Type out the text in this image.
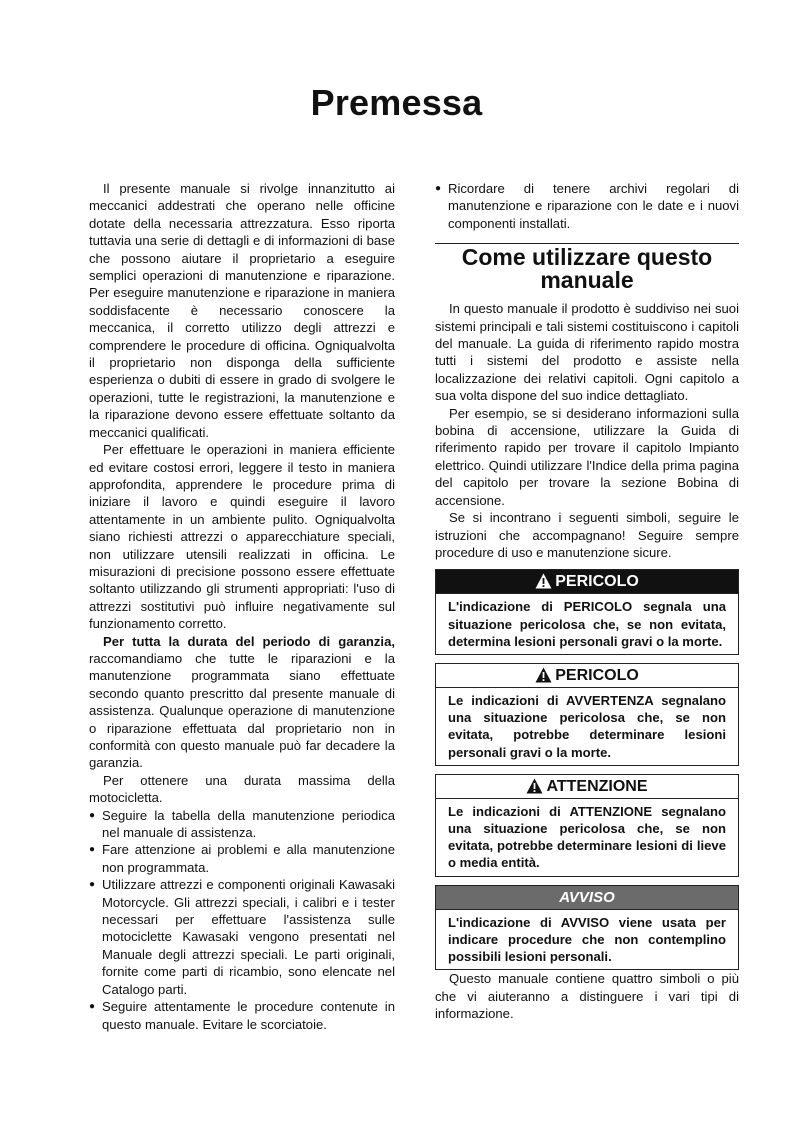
Premessa

Il presente manuale si rivolge innanzitutto ai meccanici addestrati che operano nelle officine dotate della necessaria attrezzatura. Esso riporta tuttavia una serie di dettagli e di informazioni di base che possono aiutare il proprietario a eseguire semplici operazioni di manutenzione e riparazione. Per eseguire manutenzione e riparazione in maniera soddisfacente è necessario conoscere la meccanica, il corretto utilizzo degli attrezzi e comprendere le procedure di officina. Ogniqualvolta il proprietario non disponga della sufficiente esperienza o dubiti di essere in grado di svolgere le operazioni, tutte le registrazioni, la manutenzione e la riparazione devono essere effettuate soltanto da meccanici qualificati.

Per effettuare le operazioni in maniera efficiente ed evitare costosi errori, leggere il testo in maniera approfondita, apprendere le procedure prima di iniziare il lavoro e quindi eseguire il lavoro attentamente in un ambiente pulito. Ogniqualvolta siano richiesti attrezzi o apparecchiature speciali, non utilizzare utensili realizzati in officina. Le misurazioni di precisione possono essere effettuate soltanto utilizzando gli strumenti appropriati: l'uso di attrezzi sostitutivi può influire negativamente sul funzionamento corretto.

Per tutta la durata del periodo di garanzia, raccomandiamo che tutte le riparazioni e la manutenzione programmata siano effettuate secondo quanto prescritto dal presente manuale di assistenza. Qualunque operazione di manutenzione o riparazione effettuata dal proprietario non in conformità con questo manuale può far decadere la garanzia.

Per ottenere una durata massima della motocicletta.

● Seguire la tabella della manutenzione periodica nel manuale di assistenza.
● Fare attenzione ai problemi e alla manutenzione non programmata.
● Utilizzare attrezzi e componenti originali Kawasaki Motorcycle. Gli attrezzi speciali, i calibri e i tester necessari per effettuare l'assistenza sulle motociclette Kawasaki vengono presentati nel Manuale degli attrezzi speciali. Le parti originali, fornite come parti di ricambio, sono elencate nel Catalogo parti.
● Seguire attentamente le procedure contenute in questo manuale. Evitare le scorciatoie.
● Ricordare di tenere archivi regolari di manutenzione e riparazione con le date e i nuovi componenti installati.
Come utilizzare questo manuale

In questo manuale il prodotto è suddiviso nei suoi sistemi principali e tali sistemi costituiscono i capitoli del manuale. La guida di riferimento rapido mostra tutti i sistemi del prodotto e assiste nella localizzazione dei relativi capitoli. Ogni capitolo a sua volta dispone del suo indice dettagliato.

Per esempio, se si desiderano informazioni sulla bobina di accensione, utilizzare la Guida di riferimento rapido per trovare il capitolo Impianto elettrico. Quindi utilizzare l'Indice della prima pagina del capitolo per trovare la sezione Bobina di accensione.

Se si incontrano i seguenti simboli, seguire le istruzioni che accompagnano! Seguire sempre procedure di uso e manutenzione sicure.

PERICOLO
L'indicazione di PERICOLO segnala una situazione pericolosa che, se non evitata, determina lesioni personali gravi o la morte.
PERICOLO
Le indicazioni di AVVERTENZA segnalano una situazione pericolosa che, se non evitata, potrebbe determinare lesioni personali gravi o la morte.
ATTENZIONE
Le indicazioni di ATTENZIONE segnalano una situazione pericolosa che, se non evitata, potrebbe determinare lesioni di lieve o media entità.
AVVISO
L'indicazione di AVVISO viene usata per indicare procedure che non contemplino possibili lesioni personali.

Questo manuale contiene quattro simboli o più che vi aiuteranno a distinguere i vari tipi di informazione.
